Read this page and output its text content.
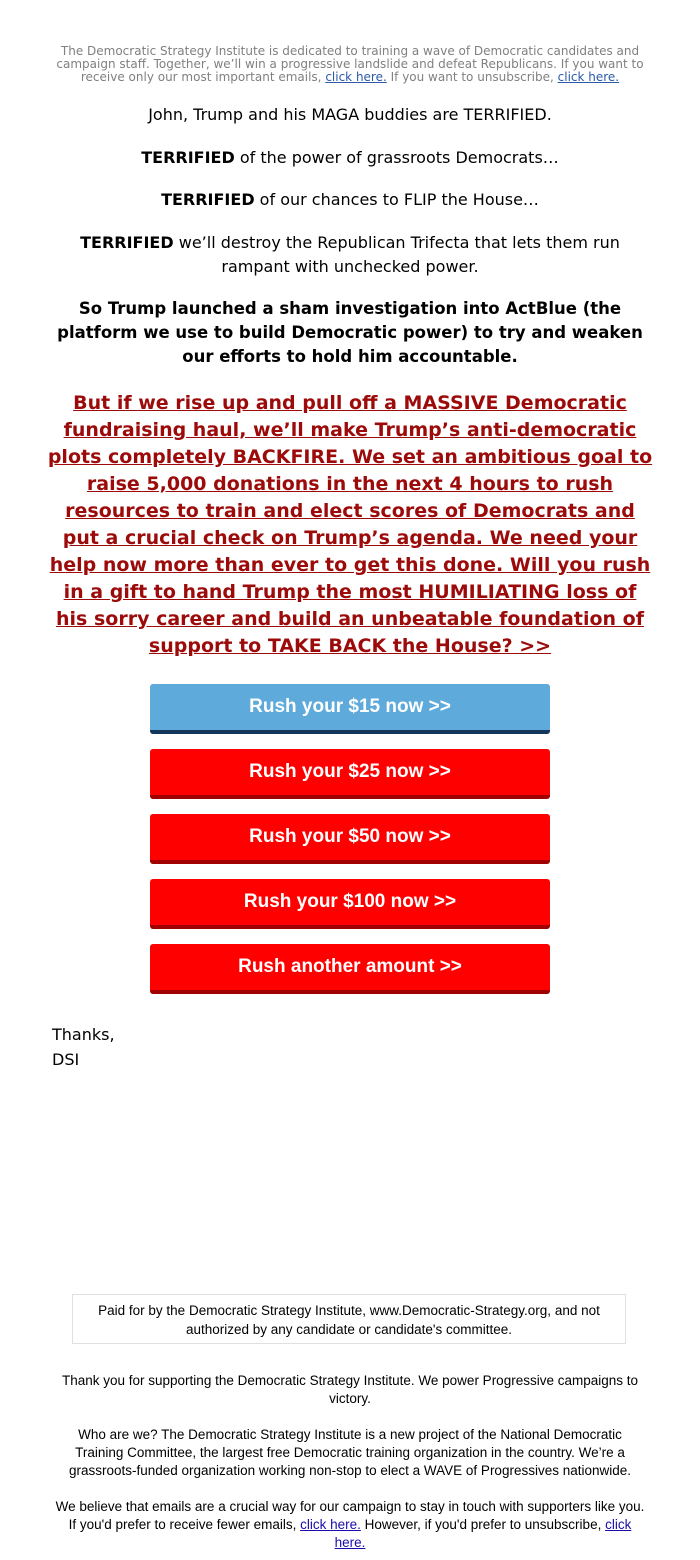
The Democratic Strategy Institute is dedicated to training a wave of Democratic candidates and campaign staff. Together, we’ll win a progressive landslide and defeat Republicans. If you want to receive only our most important emails, click here. If you want to unsubscribe, click here.
John, Trump and his MAGA buddies are TERRIFIED.
TERRIFIED of the power of grassroots Democrats…
TERRIFIED of our chances to FLIP the House…
TERRIFIED we’ll destroy the Republican Trifecta that lets them run rampant with unchecked power.
So Trump launched a sham investigation into ActBlue (the platform we use to build Democratic power) to try and weaken our efforts to hold him accountable.
But if we rise up and pull off a MASSIVE Democratic fundraising haul, we’ll make Trump’s anti-democratic plots completely BACKFIRE. We set an ambitious goal to raise 5,000 donations in the next 4 hours to rush resources to train and elect scores of Democrats and put a crucial check on Trump’s agenda. We need your help now more than ever to get this done. Will you rush in a gift to hand Trump the most HUMILIATING loss of his sorry career and build an unbeatable foundation of support to TAKE BACK the House? >>
Rush your $15 now >>
Rush your $25 now >>
Rush your $50 now >>
Rush your $100 now >>
Rush another amount >>
Thanks,
DSI
Paid for by the Democratic Strategy Institute, www.Democratic-Strategy.org, and not authorized by any candidate or candidate's committee.
Thank you for supporting the Democratic Strategy Institute. We power Progressive campaigns to victory.
Who are we? The Democratic Strategy Institute is a new project of the National Democratic Training Committee, the largest free Democratic training organization in the country. We’re a grassroots-funded organization working non-stop to elect a WAVE of Progressives nationwide.
We believe that emails are a crucial way for our campaign to stay in touch with supporters like you. If you'd prefer to receive fewer emails, click here. However, if you'd prefer to unsubscribe, click here.
